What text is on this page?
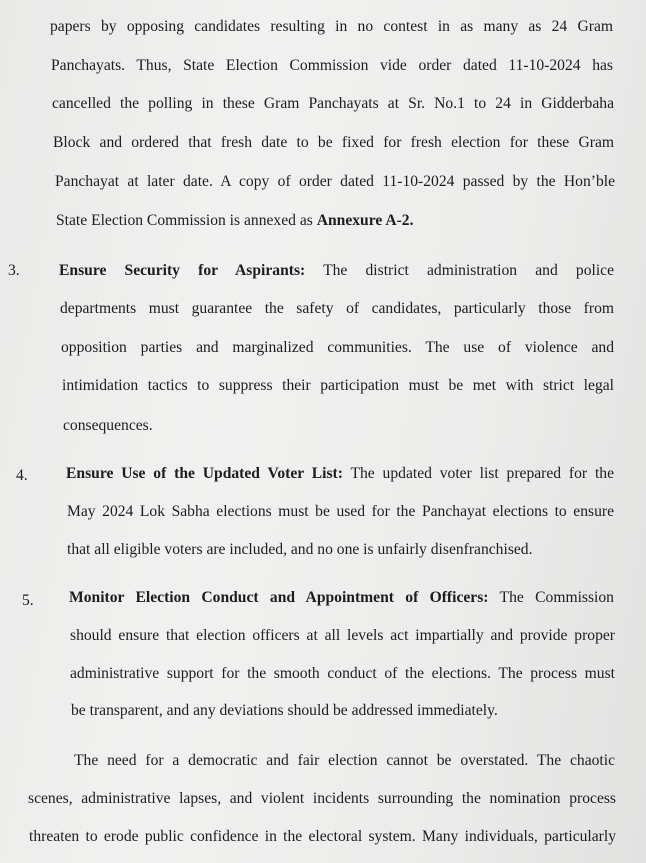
papers by opposing candidates resulting in no contest in as many as 24 Gram

Panchayats. Thus, State Election Commission vide order dated 11-10-2024 has

cancelled the polling in these Gram Panchayats at Sr. No.1 to 24 in Gidderbaha

Block and ordered that fresh date to be fixed for fresh election for these Gram

Panchayat at later date. A copy of order dated 11-10-2024 passed by the Hon’ble

State Election Commission is annexed as Annexure A-2.

3.	Ensure Security for Aspirants: The district administration and police

departments must guarantee the safety of candidates, particularly those from

opposition parties and marginalized communities. The use of violence and

intimidation tactics to suppress their participation must be met with strict legal

consequences.

4. Ensure Use of the Updated Voter List: The updated voter list prepared for the

May 2024 Lok Sabha elections must be used for the Panchayat elections to ensure

that all eligible voters are included, and no one is unfairly disenfranchised.

5. Monitor Election Conduct and Appointment of Officers: The Commission

should ensure that election officers at all levels act impartially and provide proper

administrative support for the smooth conduct of the elections. The process must

be transparent, and any deviations should be addressed immediately.

The need for a democratic and fair election cannot be overstated. The chaotic

scenes, administrative lapses, and violent incidents surrounding the nomination process

threaten to erode public confidence in the electoral system. Many individuals, particularly
